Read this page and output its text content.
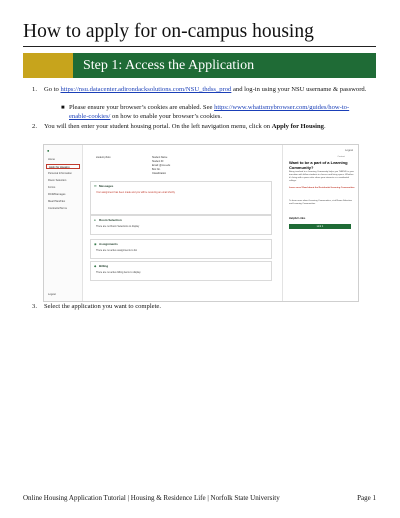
How to apply for on-campus housing
Step 1: Access the Application
1. Go to https://nsu.datacenter.adirondacksolutions.com/NSU_thdss_prod and log-in using your NSU username & password.
■ Please ensure your browser’s cookies are enabled. See https://www.whatismybrowser.com/guides/how-to-enable-cookies/ on how to enable your browser’s cookies.
2. You will then enter your student housing portal. On the left navigation menu, click on Apply for Housing.
3. Select the application you want to complete.
●
Home
Apply for Housing
Personal Information
Room Selection
Forms
RCR/Damages
Meal Plan/Flex
Contracts/Terms
Logout
student photo	Student Name
Student ID
Email: @nsu.edu
Box No.
Classification
Messages
✉
Your assignment has been made and you will be receiving an email shortly
● Room Selection
There are no Room Selections to display
◉ Assignments
There are no active assignments to list
◆ Billing
There are no active billing items to display
Logout
Contact
Want to be a part of a Learning Community?
Being involved in a Learning Community helps you THRIVE in your transition with fellow students in classes and living space. Whether it's living with a peers who share your interests or a residential college.
Learn more! Read about the Residential Learning Communities
To learn more about Learning Communities, visit Room Selection and Learning Communities.
Helpful Links
Link 1
Online Housing Application Tutorial | Housing & Residence Life | Norfolk State University	Page 1
